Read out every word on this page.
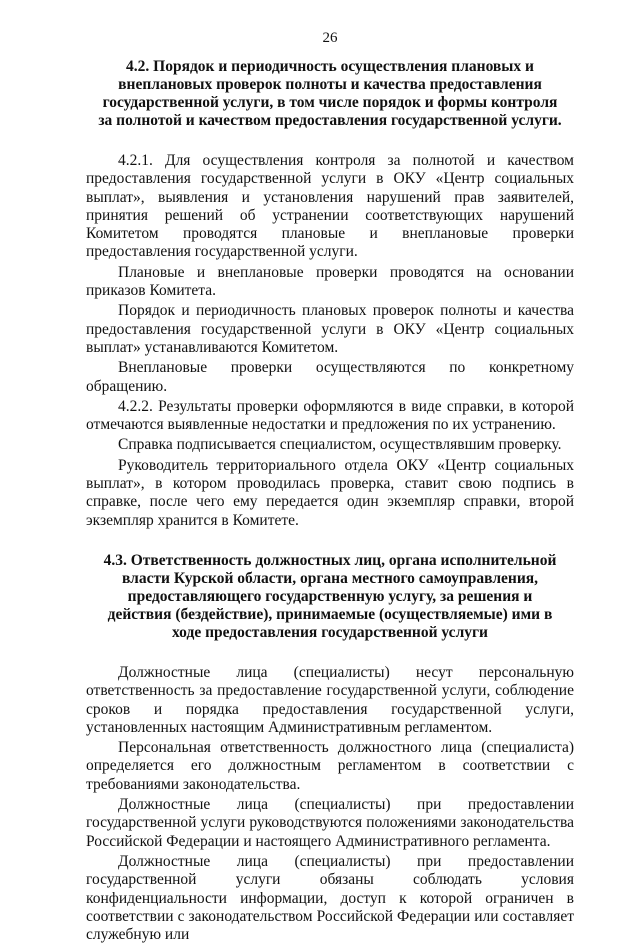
26
4.2. Порядок и периодичность осуществления плановых и внеплановых проверок полноты и качества предоставления государственной услуги, в том числе порядок и формы контроля за полнотой и качеством предоставления государственной услуги.

4.2.1. Для осуществления контроля за полнотой и качеством предоставления государственной услуги в ОКУ «Центр социальных выплат», выявления и установления нарушений прав заявителей, принятия решений об устранении соответствующих нарушений Комитетом проводятся плановые и внеплановые проверки предоставления государственной услуги.

Плановые и внеплановые проверки проводятся на основании приказов Комитета.

Порядок и периодичность плановых проверок полноты и качества предоставления государственной услуги в ОКУ «Центр социальных выплат» устанавливаются Комитетом.

Внеплановые проверки осуществляются по конкретному обращению.

4.2.2. Результаты проверки оформляются в виде справки, в которой отмечаются выявленные недостатки и предложения по их устранению.

Справка подписывается специалистом, осуществлявшим проверку.

Руководитель территориального отдела ОКУ «Центр социальных выплат», в котором проводилась проверка, ставит свою подпись в справке, после чего ему передается один экземпляр справки, второй экземпляр хранится в Комитете.

4.3. Ответственность должностных лиц, органа исполнительной власти Курской области, органа местного самоуправления, предоставляющего государственную услугу, за решения и действия (бездействие), принимаемые (осуществляемые) ими в ходе предоставления государственной услуги

Должностные лица (специалисты) несут персональную ответственность за предоставление государственной услуги, соблюдение сроков и порядка предоставления государственной услуги, установленных настоящим Административным регламентом.

Персональная ответственность должностного лица (специалиста) определяется его должностным регламентом в соответствии с требованиями законодательства.

Должностные лица (специалисты) при предоставлении государственной услуги руководствуются положениями законодательства Российской Федерации и настоящего Административного регламента.

Должностные лица (специалисты) при предоставлении государственной услуги обязаны соблюдать условия конфиденциальности информации, доступ к которой ограничен в соответствии с законодательством Российской Федерации или составляет служебную или
